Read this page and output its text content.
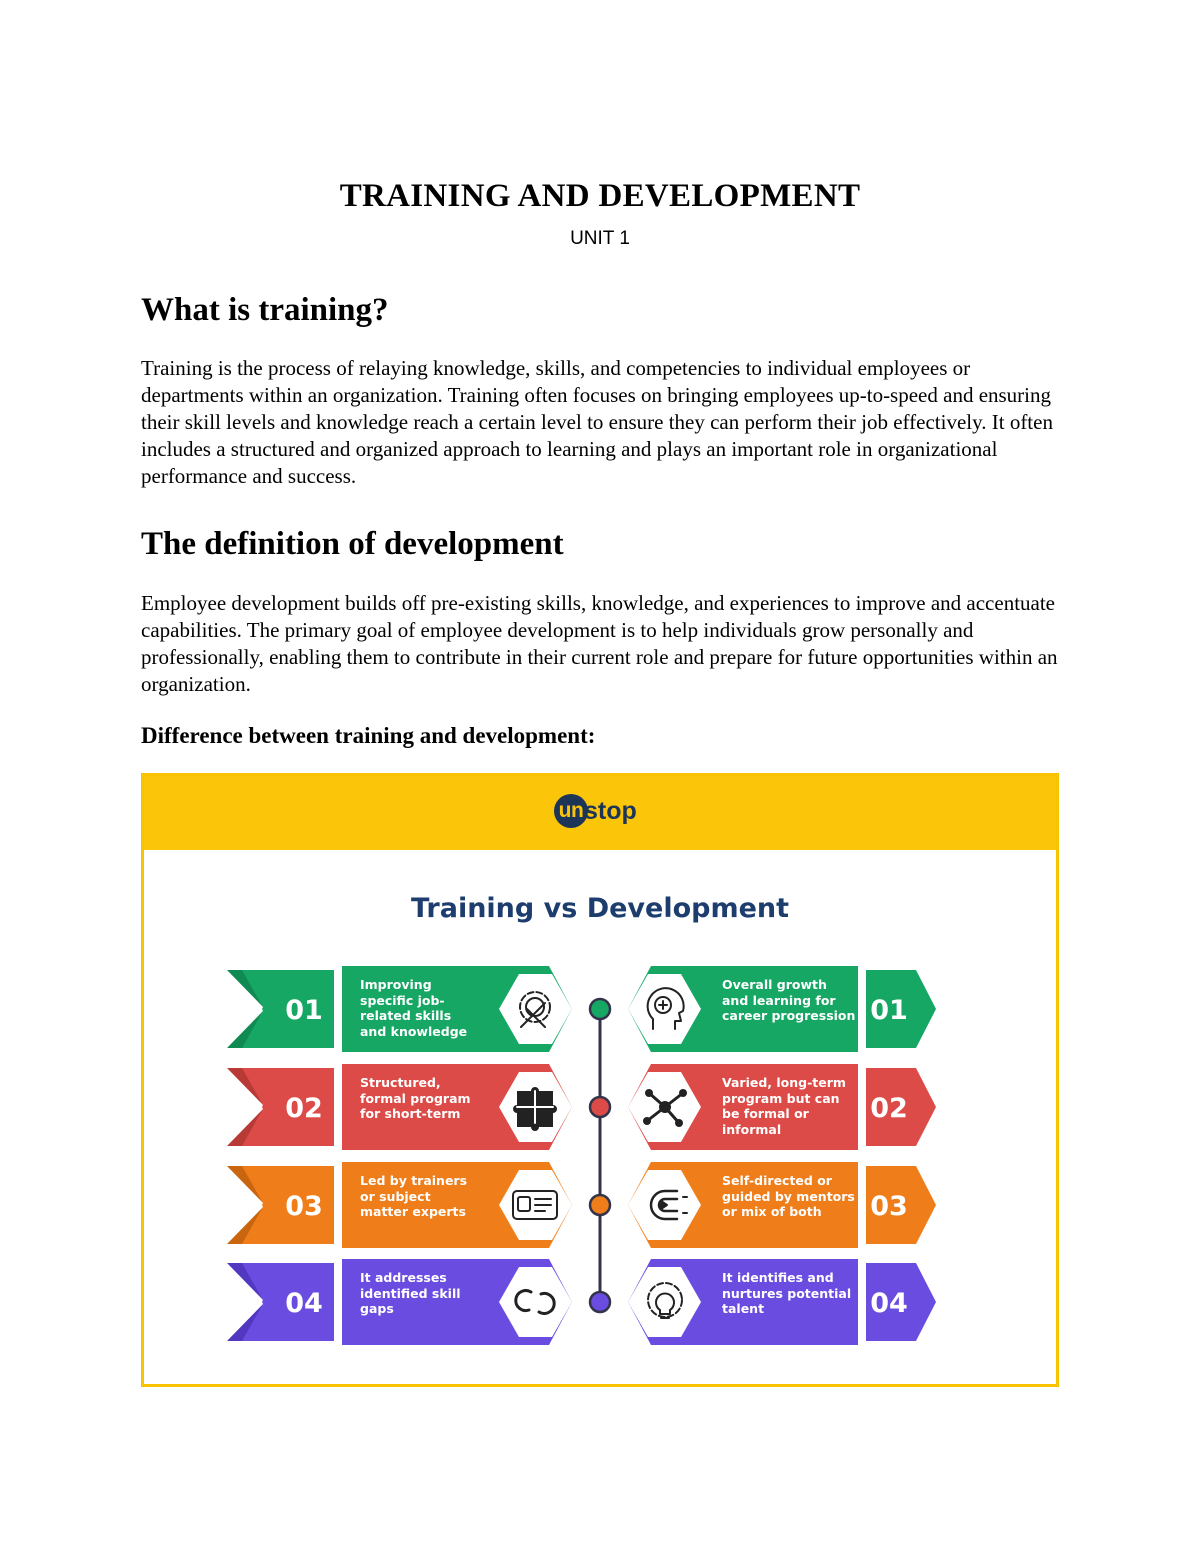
TRAINING AND DEVELOPMENT
UNIT 1
What is training?
Training is the process of relaying knowledge, skills, and competencies to individual employees or departments within an organization. Training often focuses on bringing employees up-to-speed and ensuring their skill levels and knowledge reach a certain level to ensure they can perform their job effectively. It often includes a structured and organized approach to learning and plays an important role in organizational performance and success.
The definition of development
Employee development builds off pre-existing skills, knowledge, and experiences to improve and accentuate capabilities. The primary goal of employee development is to help individuals grow personally and professionally, enabling them to contribute in their current role and prepare for future opportunities within an organization.
Difference between training and development:
un stop
Training vs Development
01
02
03
04
01
02
03
04
Improving specific job-related skills and knowledge
Structured, formal program for short-term
Led by trainers or subject matter experts
It addresses identified skill gaps
Overall growth and learning for career progression
Varied, long-term program but can be formal or informal
Self-directed or guided by mentors or mix of both
It identifies and nurtures potential talent
